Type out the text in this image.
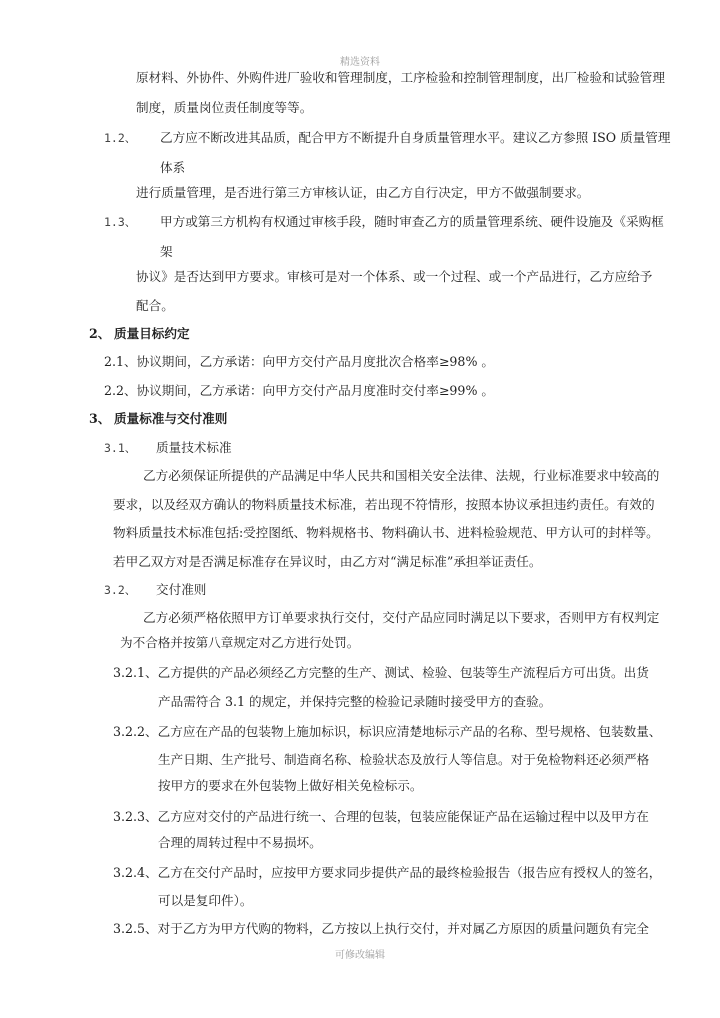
精选资料
原材料、外协件、外购件进厂验收和管理制度，工序检验和控制管理制度，出厂检验和试验管理
制度，质量岗位责任制度等等。
1.2、 乙方应不断改进其品质，配合甲方不断提升自身质量管理水平。建议乙方参照 ISO 质量管理
体系
进行质量管理，是否进行第三方审核认证，由乙方自行决定，甲方不做强制要求。
1.3、 甲方或第三方机构有权通过审核手段，随时审查乙方的质量管理系统、硬件设施及《采购框
架
协议》是否达到甲方要求。审核可是对一个体系、或一个过程、或一个产品进行，乙方应给予
配合。
2、 质量目标约定
2.1、协议期间，乙方承诺：向甲方交付产品月度批次合格率≥98% 。
2.2、协议期间，乙方承诺：向甲方交付产品月度准时交付率≥99% 。
3、 质量标准与交付准则
3.1、 质量技术标准
乙方必须保证所提供的产品满足中华人民共和国相关安全法律、法规，行业标准要求中较高的
要求，以及经双方确认的物料质量技术标准，若出现不符情形，按照本协议承担违约责任。有效的
物料质量技术标准包括:受控图纸、物料规格书、物料确认书、进料检验规范、甲方认可的封样等。
若甲乙双方对是否满足标准存在异议时，由乙方对“满足标准”承担举证责任。
3.2、 交付准则
乙方必须严格依照甲方订单要求执行交付，交付产品应同时满足以下要求，否则甲方有权判定
为不合格并按第八章规定对乙方进行处罚。
3.2.1、乙方提供的产品必须经乙方完整的生产、测试、检验、包装等生产流程后方可出货。出货
产品需符合 3.1 的规定，并保持完整的检验记录随时接受甲方的查验。
3.2.2、乙方应在产品的包装物上施加标识，标识应清楚地标示产品的名称、型号规格、包装数量、
生产日期、生产批号、制造商名称、检验状态及放行人等信息。对于免检物料还必须严格
按甲方的要求在外包装物上做好相关免检标示。
3.2.3、乙方应对交付的产品进行统一、合理的包装，包装应能保证产品在运输过程中以及甲方在
合理的周转过程中不易损坏。
3.2.4、乙方在交付产品时，应按甲方要求同步提供产品的最终检验报告（报告应有授权人的签名，
可以是复印件）。
3.2.5、对于乙方为甲方代购的物料，乙方按以上执行交付，并对属乙方原因的质量问题负有完全
可修改编辑
